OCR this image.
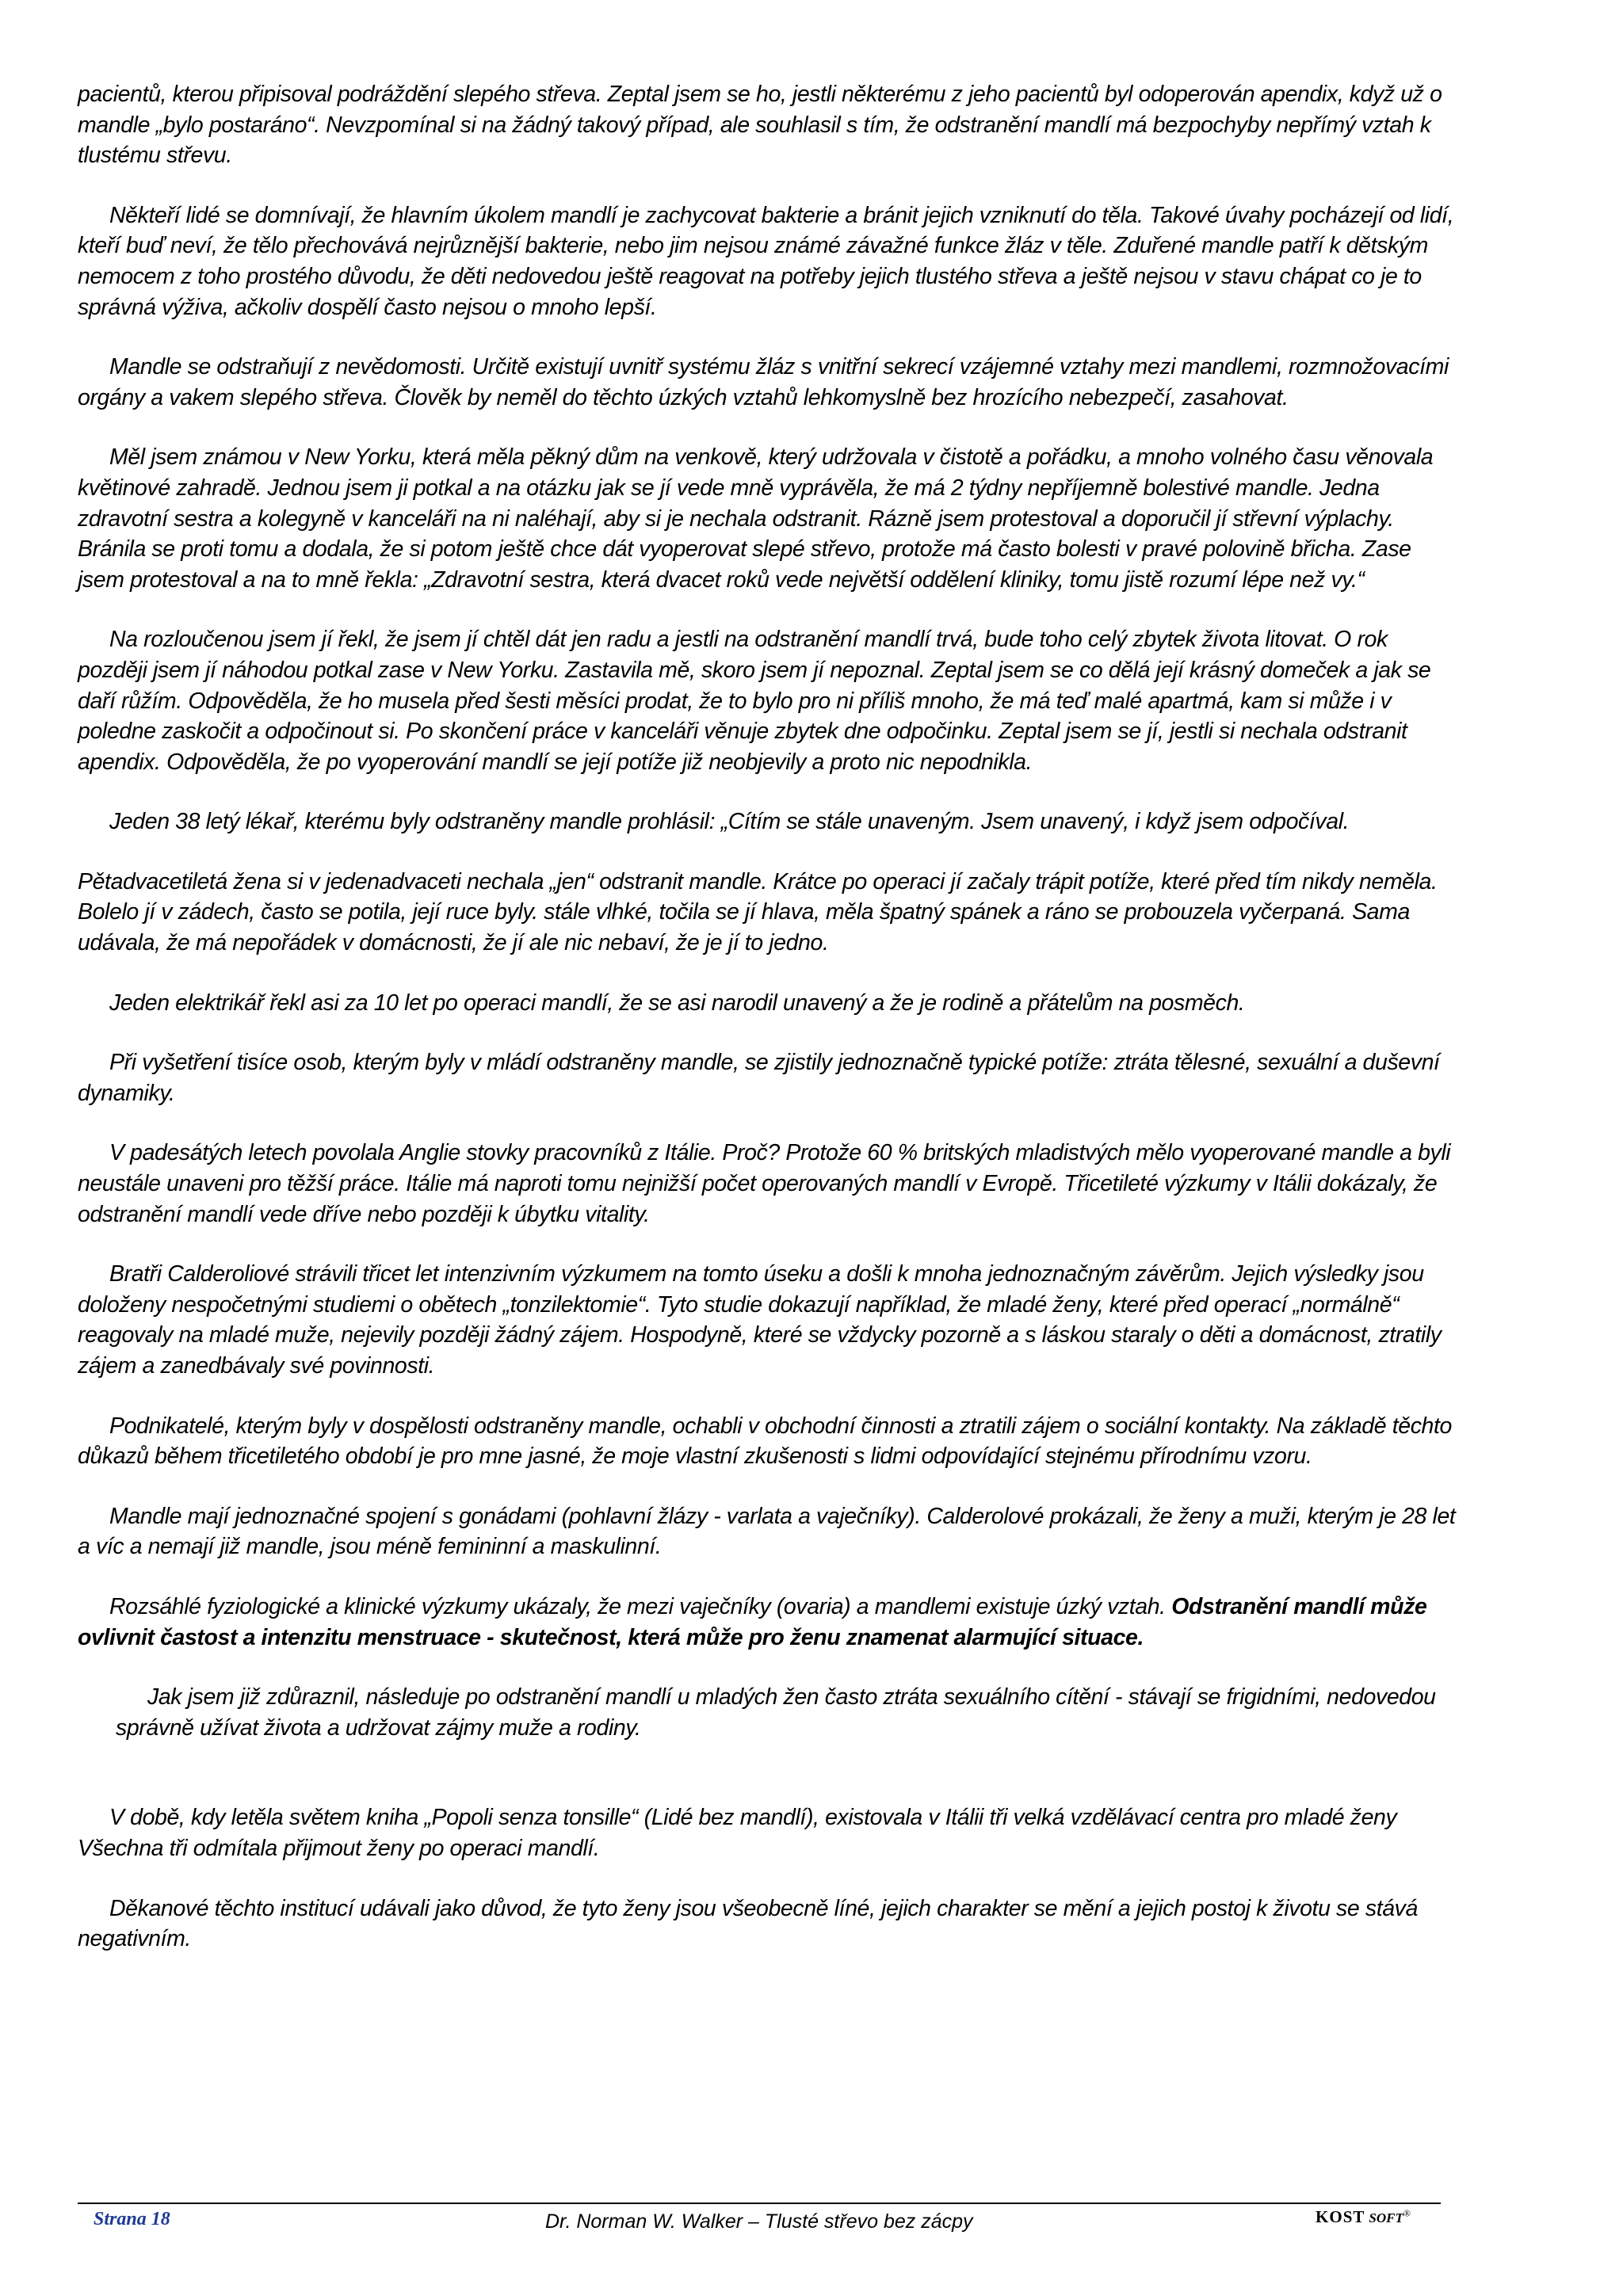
pacientů, kterou připisoval podráždění slepého střeva. Zeptal jsem se ho, jestli některému z jeho pacientů byl odoperován apendix, když už o mandle „bylo postaráno“. Nevzpomínal si na žádný takový případ, ale souhlasil s tím, že odstranění mandlí má bezpochyby nepřímý vztah k tlustému střevu.

Někteří lidé se domnívají, že hlavním úkolem mandlí je zachycovat bakterie a bránit jejich vzniknutí do těla. Takové úvahy pocházejí od lidí, kteří buď neví, že tělo přechovává nejrůznější bakterie, nebo jim nejsou známé závažné funkce žláz v těle. Zduřené mandle patří k dětským nemocem z toho prostého důvodu, že děti nedovedou ještě reagovat na potřeby jejich tlustého střeva a ještě nejsou v stavu chápat co je to správná výživa, ačkoliv dospělí často nejsou o mnoho lepší.

Mandle se odstraňují z nevědomosti. Určitě existují uvnitř systému žláz s vnitřní sekrecí vzájemné vztahy mezi mandlemi, rozmnožovacími orgány a vakem slepého střeva. Člověk by neměl do těchto úzkých vztahů lehkomyslně bez hrozícího nebezpečí, zasahovat.

Měl jsem známou v New Yorku, která měla pěkný dům na venkově, který udržovala v čistotě a pořádku, a mnoho volného času věnovala květinové zahradě. Jednou jsem ji potkal a na otázku jak se jí vede mně vyprávěla, že má 2 týdny nepříjemně bolestivé mandle. Jedna zdravotní sestra a kolegyně v kanceláři na ni naléhají, aby si je nechala odstranit. Rázně jsem protestoval a doporučil jí střevní výplachy. Bránila se proti tomu a dodala, že si potom ještě chce dát vyoperovat slepé střevo, protože má často bolesti v pravé polovině břicha. Zase jsem protestoval a na to mně řekla: „Zdravotní sestra, která dvacet roků vede největší oddělení kliniky, tomu jistě rozumí lépe než vy.“

Na rozloučenou jsem jí řekl, že jsem jí chtěl dát jen radu a jestli na odstranění mandlí trvá, bude toho celý zbytek života litovat. O rok později jsem jí náhodou potkal zase v New Yorku. Zastavila mě, skoro jsem jí nepoznal. Zeptal jsem se co dělá její krásný domeček a jak se daří růžím. Odpověděla, že ho musela před šesti měsíci prodat, že to bylo pro ni příliš mnoho, že má teď malé apartmá, kam si může i v poledne zaskočit a odpočinout si. Po skončení práce v kanceláři věnuje zbytek dne odpočinku. Zeptal jsem se jí, jestli si nechala odstranit apendix. Odpověděla, že po vyoperování mandlí se její potíže již neobjevily a proto nic nepodnikla.

Jeden 38 letý lékař, kterému byly odstraněny mandle prohlásil: „Cítím se stále unaveným. Jsem unavený, i když jsem odpočíval.

Pětadvacetiletá žena si v jedenadvaceti nechala „jen“ odstranit mandle. Krátce po operaci jí začaly trápit potíže, které před tím nikdy neměla. Bolelo jí v zádech, často se potila, její ruce byly. stále vlhké, točila se jí hlava, měla špatný spánek a ráno se probouzela vyčerpaná. Sama udávala, že má nepořádek v domácnosti, že jí ale nic nebaví, že je jí to jedno.

Jeden elektrikář řekl asi za 10 let po operaci mandlí, že se asi narodil unavený a že je rodině a přátelům na posměch.

Při vyšetření tisíce osob, kterým byly v mládí odstraněny mandle, se zjistily jednoznačně typické potíže: ztráta tělesné, sexuální a duševní dynamiky.

V padesátých letech povolala Anglie stovky pracovníků z Itálie. Proč? Protože 60 % britských mladistvých mělo vyoperované mandle a byli neustále unaveni pro těžší práce. Itálie má naproti tomu nejnižší počet operovaných mandlí v Evropě. Třicetileté výzkumy v Itálii dokázaly, že odstranění mandlí vede dříve nebo později k úbytku vitality.

Bratři Calderoliové strávili třicet let intenzivním výzkumem na tomto úseku a došli k mnoha jednoznačným závěrům. Jejich výsledky jsou doloženy nespočetnými studiemi o obětech „tonzilektomie“. Tyto studie dokazují například, že mladé ženy, které před operací „normálně“ reagovaly na mladé muže, nejevily později žádný zájem. Hospodyně, které se vždycky pozorně a s láskou staraly o děti a domácnost, ztratily zájem a zanedbávaly své povinnosti.

Podnikatelé, kterým byly v dospělosti odstraněny mandle, ochabli v obchodní činnosti a ztratili zájem o sociální kontakty. Na základě těchto důkazů během třicetiletého období je pro mne jasné, že moje vlastní zkušenosti s lidmi odpovídající stejnému přírodnímu vzoru.

Mandle mají jednoznačné spojení s gonádami (pohlavní žlázy - varlata a vaječníky). Calderolové prokázali, že ženy a muži, kterým je 28 let a víc a nemají již mandle, jsou méně femininní a maskulinní.

Rozsáhlé fyziologické a klinické výzkumy ukázaly, že mezi vaječníky (ovaria) a mandlemi existuje úzký vztah. Odstranění mandlí může ovlivnit častost a intenzitu menstruace - skutečnost, která může pro ženu znamenat alarmující situace.

Jak jsem již zdůraznil, následuje po odstranění mandlí u mladých žen často ztráta sexuálního cítění - stávají se frigidními, nedovedou správně užívat života a udržovat zájmy muže a rodiny.

V době, kdy letěla světem kniha „Popoli senza tonsille“ (Lidé bez mandlí), existovala v Itálii tři velká vzdělávací centra pro mladé ženy Všechna tři odmítala přijmout ženy po operaci mandlí.

Děkanové těchto institucí udávali jako důvod, že tyto ženy jsou všeobecně líné, jejich charakter se mění a jejich postoj k životu se stává negativním.

Strana 18	Dr. Norman W. Walker – Tlusté střevo bez zácpy	KOST SOFT®
